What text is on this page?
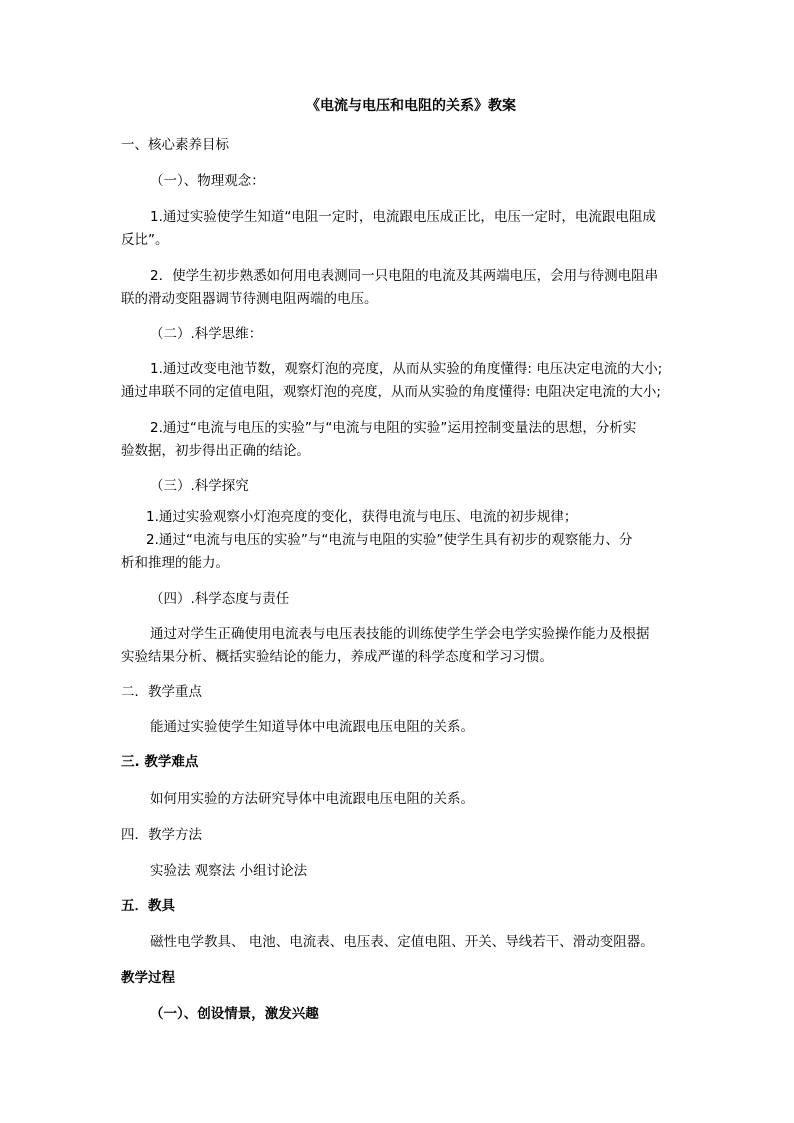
《电流与电压和电阻的关系》教案
一、核心素养目标
（一）、物理观念：
1.通过实验使学生知道“电阻一定时，电流跟电压成正比，电压一定时，电流跟电阻成
反比”。
2．使学生初步熟悉如何用电表测同一只电阻的电流及其两端电压，会用与待测电阻串
联的滑动变阻器调节待测电阻两端的电压。
（二）.科学思维：
1.通过改变电池节数，观察灯泡的亮度，从而从实验的角度懂得: 电压决定电流的大小;
通过串联不同的定值电阻，观察灯泡的亮度，从而从实验的角度懂得: 电阻决定电流的大小;
2.通过“电流与电压的实验”与“电流与电阻的实验”运用控制变量法的思想，分析实
验数据，初步得出正确的结论。
（三）.科学探究
1.通过实验观察小灯泡亮度的变化，获得电流与电压、电流的初步规律；
2.通过“电流与电压的实验”与“电流与电阻的实验”使学生具有初步的观察能力、分
析和推理的能力。
（四）.科学态度与责任
通过对学生正确使用电流表与电压表技能的训练使学生学会电学实验操作能力及根据
实验结果分析、概括实验结论的能力，养成严谨的科学态度和学习习惯。
二．教学重点
能通过实验使学生知道导体中电流跟电压电阻的关系。
三. 教学难点
如何用实验的方法研究导体中电流跟电压电阻的关系。
四．教学方法
实验法 观察法 小组讨论法
五．教具
磁性电学教具、 电池、电流表、电压表、定值电阻、开关、导线若干、滑动变阻器。
教学过程
（一）、创设情景，激发兴趣
